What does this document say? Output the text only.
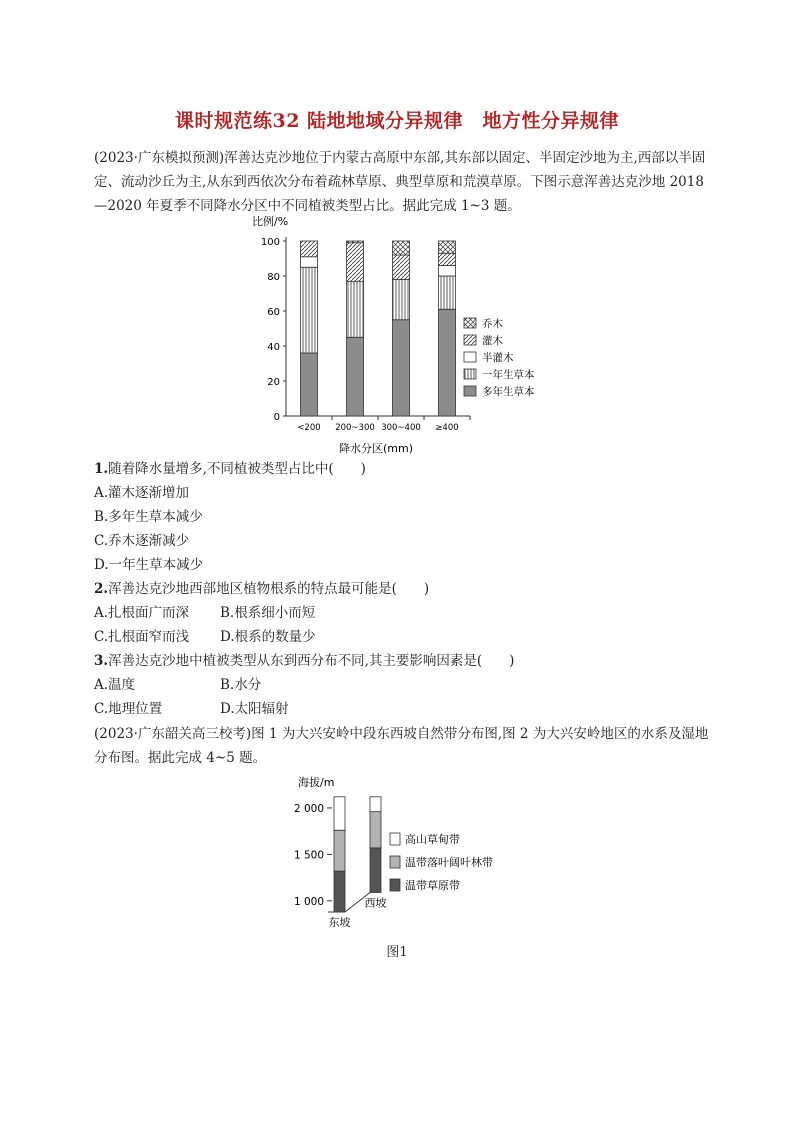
课时规范练32 陆地地域分异规律　地方性分异规律
(2023·广东模拟预测)浑善达克沙地位于内蒙古高原中东部,其东部以固定、半固定沙地为主,西部以半固定、流动沙丘为主,从东到西依次分布着疏林草原、典型草原和荒漠草原。下图示意浑善达克沙地 2018—2020 年夏季不同降水分区中不同植被类型占比。据此完成 1~3 题。
0
20
40
60
80
100
<200 200~300 300~400 ≥400
乔木
灌木
半灌木
一年生草本
多年生草本
比例/%
降水分区(mm)
1.随着降水量增多,不同植被类型占比中(　　)
A.灌木逐渐增加
B.多年生草本减少
C.乔木逐渐减少
D.一年生草本减少
2.浑善达克沙地西部地区植物根系的特点最可能是(　　)
A.扎根面广而深 B.根系细小而短
C.扎根面窄而浅 D.根系的数量少
3.浑善达克沙地中植被类型从东到西分布不同,其主要影响因素是(　　)
A.温度	B.水分
C.地理位置	D.太阳辐射
(2023·广东韶关高三校考)图 1 为大兴安岭中段东西坡自然带分布图,图 2 为大兴安岭地区的水系及湿地分布图。据此完成 4~5 题。
1 000
1 500
2 000
东坡
西坡
高山草甸带
温带落叶阔叶林带
温带草原带
海拔/m
图1
